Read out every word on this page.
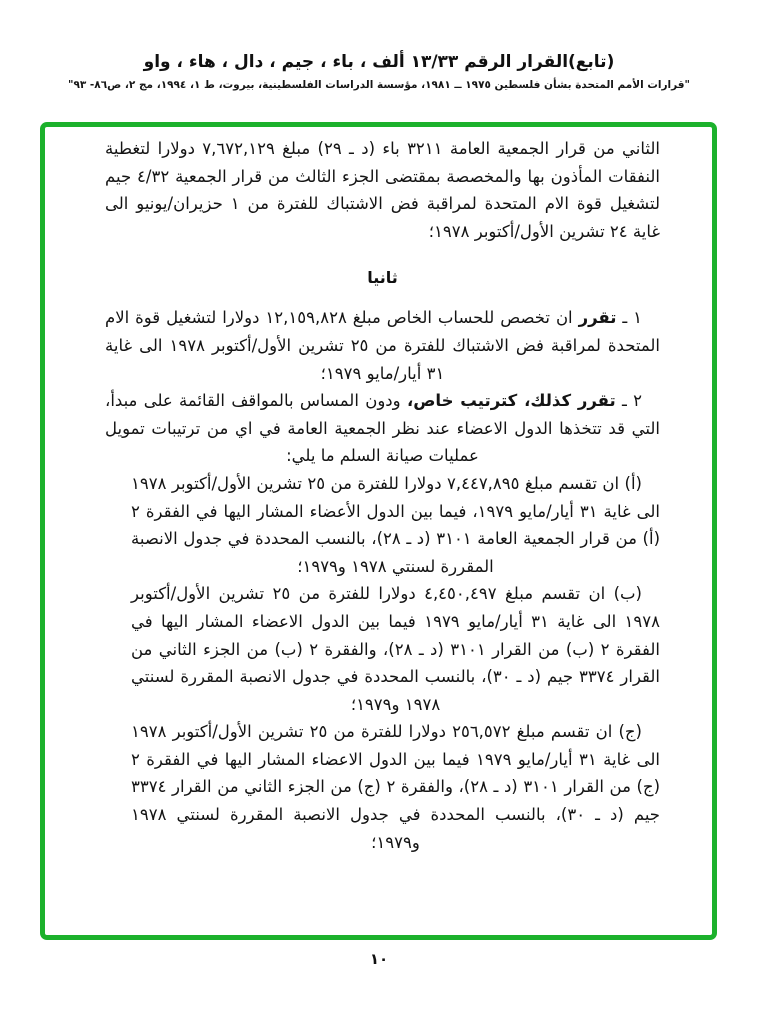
(تابع)القرار الرقم ١٣/٣٣ ألف ، باء ، جيم ، دال ، هاء ، واو
"قرارات الأمم المتحدة بشأن فلسطين ١٩٧٥ ــ ١٩٨١، مؤسسة الدراسات الفلسطينية، بيروت، ط ١، ١٩٩٤، مج ٢، ص٨٦- ٩٣"

الثاني من قرار الجمعية العامة ٣٢١١ باء (د ـ ٢٩) مبلغ ٧,٦٧٢,١٢٩ دولارا لتغطية النفقات المأذون بها والمخصصة بمقتضى الجزء الثالث من قرار الجمعية ٤/٣٢ جيم لتشغيل قوة الام المتحدة لمراقبة فض الاشتباك للفترة من ١ حزيران/يونيو الى غاية ٢٤ تشرين الأول/أكتوبر ١٩٧٨؛

ثانيا

١ ـ تقرر ان تخصص للحساب الخاص مبلغ ١٢,١٥٩,٨٢٨ دولارا لتشغيل قوة الام المتحدة لمراقبة فض الاشتباك للفترة من ٢٥ تشرين الأول/أكتوبر ١٩٧٨ الى غاية ٣١ أيار/مايو ١٩٧٩؛

٢ ـ تقرر كذلك، كترتيب خاص، ودون المساس بالمواقف القائمة على مبدأ، التي قد تتخذها الدول الاعضاء عند نظر الجمعية العامة في اي من ترتيبات تمويل عمليات صيانة السلم ما يلي:

(أ) ان تقسم مبلغ ٧,٤٤٧,٨٩٥ دولارا للفترة من ٢٥ تشرين الأول/أكتوبر ١٩٧٨ الى غاية ٣١ أيار/مايو ١٩٧٩، فيما بين الدول الأعضاء المشار اليها في الفقرة ٢ (أ) من قرار الجمعية العامة ٣١٠١ (د ـ ٢٨)، بالنسب المحددة في جدول الانصبة المقررة لسنتي ١٩٧٨ و١٩٧٩؛

(ب) ان تقسم مبلغ ٤,٤٥٠,٤٩٧ دولارا للفترة من ٢٥ تشرين الأول/أكتوبر ١٩٧٨ الى غاية ٣١ أيار/مايو ١٩٧٩ فيما بين الدول الاعضاء المشار اليها في الفقرة ٢ (ب) من القرار ٣١٠١ (د ـ ٢٨)، والفقرة ٢ (ب) من الجزء الثاني من القرار ٣٣٧٤ جيم (د ـ ٣٠)، بالنسب المحددة في جدول الانصبة المقررة لسنتي ١٩٧٨ و١٩٧٩؛

(ج) ان تقسم مبلغ ٢٥٦,٥٧٢ دولارا للفترة من ٢٥ تشرين الأول/أكتوبر ١٩٧٨ الى غاية ٣١ أيار/مايو ١٩٧٩ فيما بين الدول الاعضاء المشار اليها في الفقرة ٢ (ج) من القرار ٣١٠١ (د ـ ٢٨)، والفقرة ٢ (ج) من الجزء الثاني من القرار ٣٣٧٤ جيم (د ـ ٣٠)، بالنسب المحددة في جدول الانصبة المقررة لسنتي ١٩٧٨ و١٩٧٩؛

١٠
